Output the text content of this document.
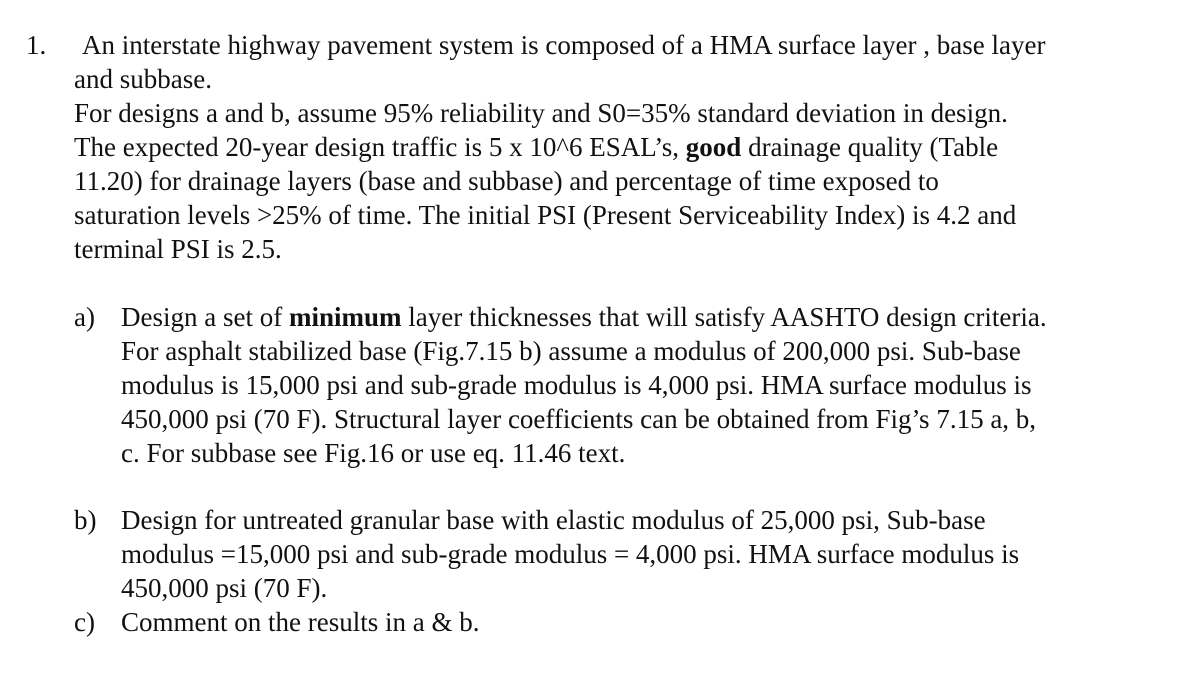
1. An interstate highway pavement system is composed of a HMA surface layer , base layer
and subbase.
For designs a and b, assume 95% reliability and S0=35% standard deviation in design.
The expected 20-year design traffic is 5 x 10^6 ESAL’s, good drainage quality (Table
11.20) for drainage layers (base and subbase) and percentage of time exposed to
saturation levels >25% of time. The initial PSI (Present Serviceability Index) is 4.2 and
terminal PSI is 2.5.
a) Design a set of minimum layer thicknesses that will satisfy AASHTO design criteria.
For asphalt stabilized base (Fig.7.15 b) assume a modulus of 200,000 psi. Sub-base
modulus is 15,000 psi and sub-grade modulus is 4,000 psi. HMA surface modulus is
450,000 psi (70 F). Structural layer coefficients can be obtained from Fig’s 7.15 a, b,
c. For subbase see Fig.16 or use eq. 11.46 text.
b) Design for untreated granular base with elastic modulus of 25,000 psi, Sub-base
modulus =15,000 psi and sub-grade modulus = 4,000 psi. HMA surface modulus is
450,000 psi (70 F).
c) Comment on the results in a & b.
